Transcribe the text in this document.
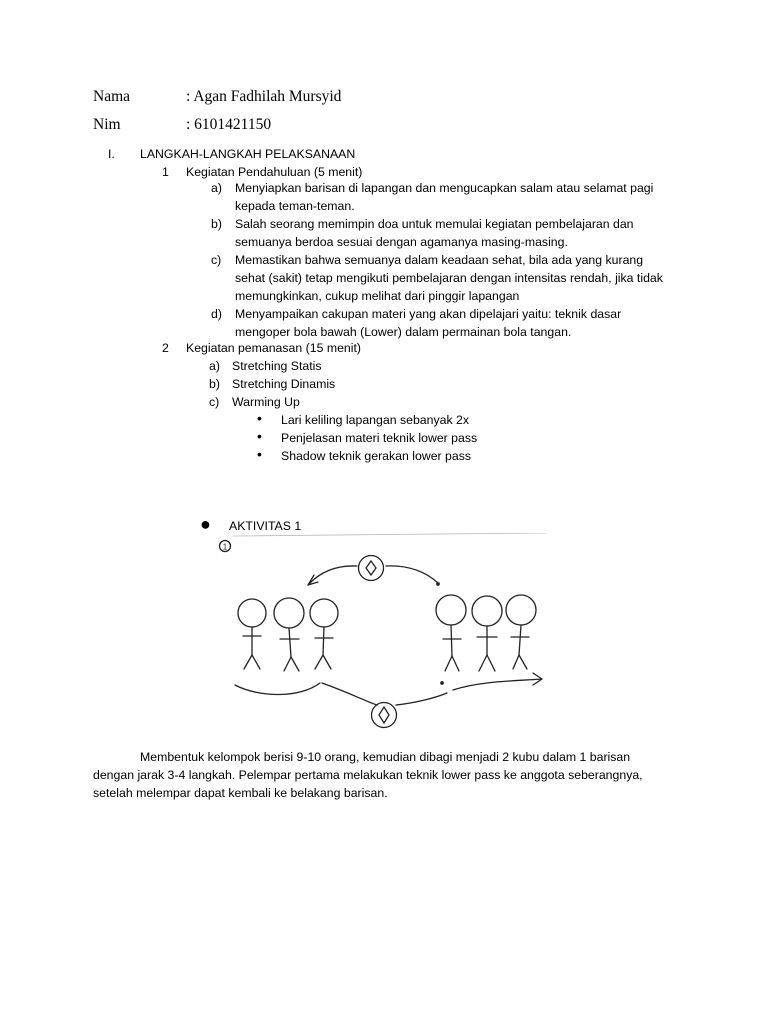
Nama	: Agan Fadhilah Mursyid
Nim	: 6101421150
I. LANGKAH-LANGKAH PELAKSANAAN
1 Kegiatan Pendahuluan (5 menit)
a) Menyiapkan barisan di lapangan dan mengucapkan salam atau selamat pagi kepada teman-teman.
b) Salah seorang memimpin doa untuk memulai kegiatan pembelajaran dan semuanya berdoa sesuai dengan agamanya masing-masing.
c) Memastikan bahwa semuanya dalam keadaan sehat, bila ada yang kurang sehat (sakit) tetap mengikuti pembelajaran dengan intensitas rendah, jika tidak memungkinkan, cukup melihat dari pinggir lapangan
d) Menyampaikan cakupan materi yang akan dipelajari yaitu: teknik dasar mengoper bola bawah (Lower) dalam permainan bola tangan.
2 Kegiatan pemanasan (15 menit)
a) Stretching Statis
b) Stretching Dinamis
c) Warming Up
• Lari keliling lapangan sebanyak 2x
• Penjelasan materi teknik lower pass
• Shadow teknik gerakan lower pass
● AKTIVITAS 1
1
Membentuk kelompok berisi 9-10 orang, kemudian dibagi menjadi 2 kubu dalam 1 barisan
dengan jarak 3-4 langkah. Pelempar pertama melakukan teknik lower pass ke anggota seberangnya,
setelah melempar dapat kembali ke belakang barisan.
